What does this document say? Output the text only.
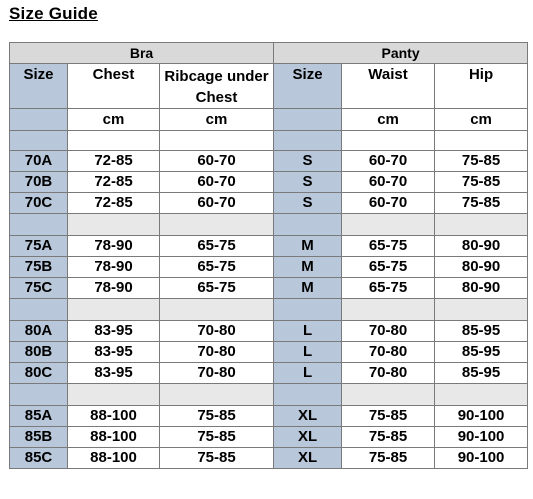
Size Guide
Bra			Panty		
Size	Chest	Ribcage under Chest	Size	Waist	Hip
	cm	cm		cm	cm

70A	72-85	60-70	S	60-70	75-85
70B	72-85	60-70	S	60-70	75-85
70C	72-85	60-70	S	60-70	75-85

75A	78-90	65-75	M	65-75	80-90
75B	78-90	65-75	M	65-75	80-90
75C	78-90	65-75	M	65-75	80-90

80A	83-95	70-80	L	70-80	85-95
80B	83-95	70-80	L	70-80	85-95
80C	83-95	70-80	L	70-80	85-95

85A	88-100	75-85	XL	75-85	90-100
85B	88-100	75-85	XL	75-85	90-100
85C	88-100	75-85	XL	75-85	90-100
